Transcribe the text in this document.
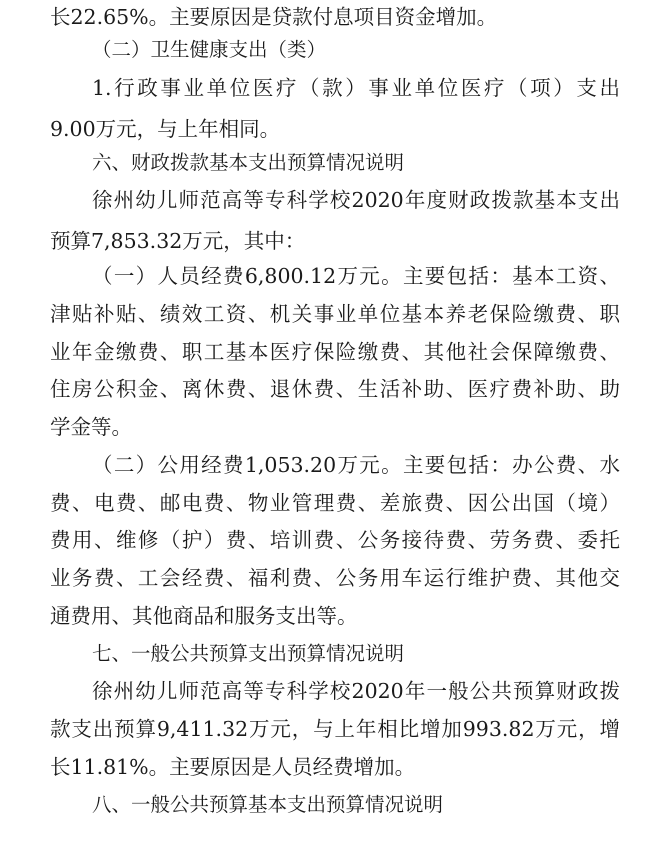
长22.65%。主要原因是贷款付息项目资金增加。
（二）卫生健康支出（类）
1.行政事业单位医疗（款）事业单位医疗（项）支出
9.00万元，与上年相同。
六、财政拨款基本支出预算情况说明
徐州幼儿师范高等专科学校2020年度财政拨款基本支出
预算7,853.32万元，其中：
（一）人员经费6,800.12万元。主要包括：基本工资、
津贴补贴、绩效工资、机关事业单位基本养老保险缴费、职
业年金缴费、职工基本医疗保险缴费、其他社会保障缴费、
住房公积金、离休费、退休费、生活补助、医疗费补助、助
学金等。
（二）公用经费1,053.20万元。主要包括：办公费、水
费、电费、邮电费、物业管理费、差旅费、因公出国（境）
费用、维修（护）费、培训费、公务接待费、劳务费、委托
业务费、工会经费、福利费、公务用车运行维护费、其他交
通费用、其他商品和服务支出等。
七、一般公共预算支出预算情况说明
徐州幼儿师范高等专科学校2020年一般公共预算财政拨
款支出预算9,411.32万元，与上年相比增加993.82万元，增
长11.81%。主要原因是人员经费增加。
八、一般公共预算基本支出预算情况说明
